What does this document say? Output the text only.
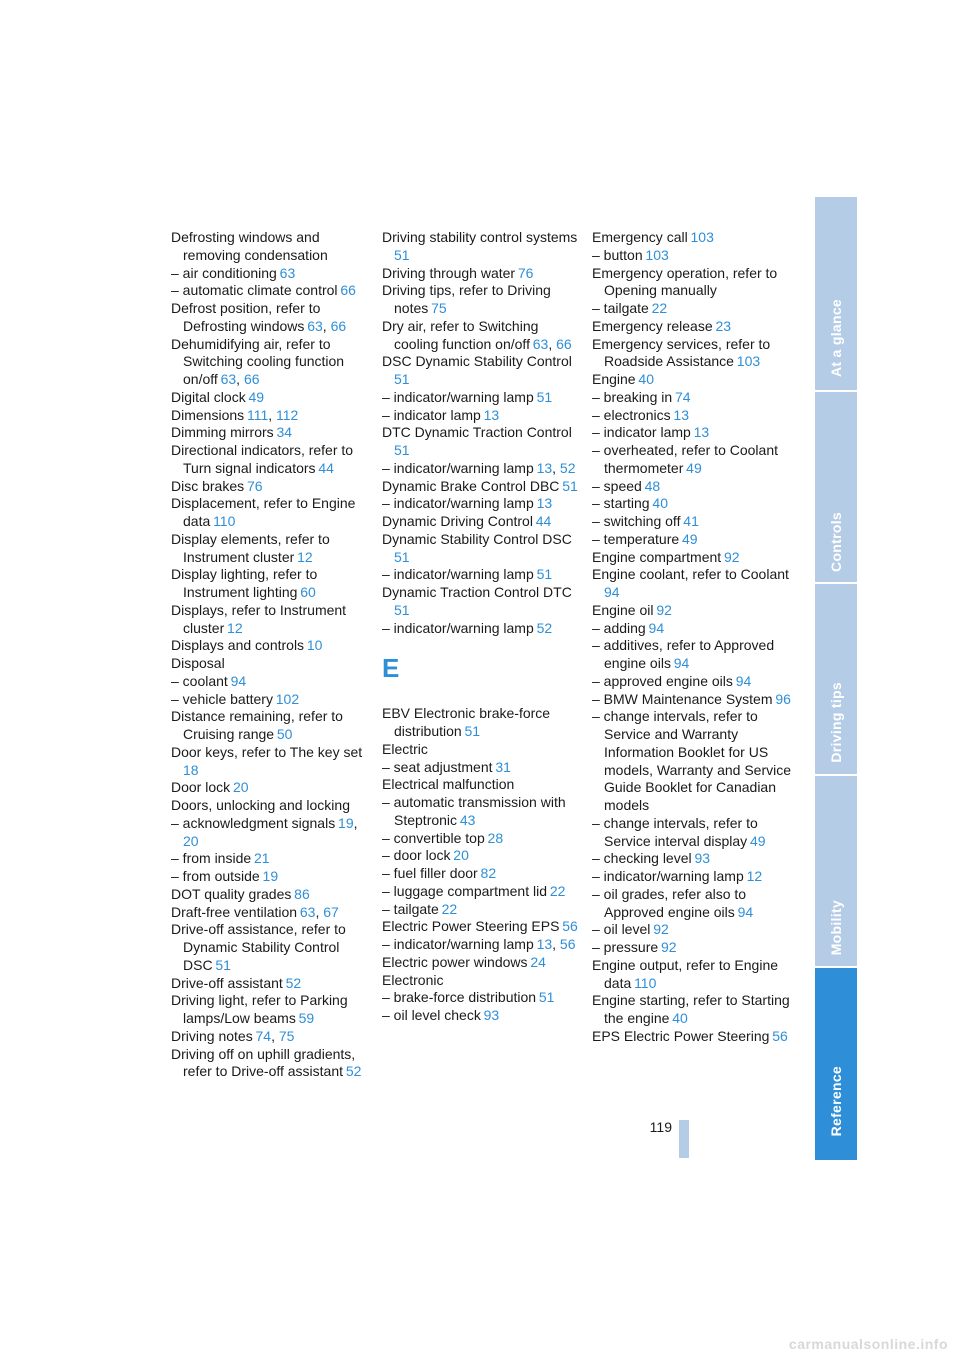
Defrosting windows and removing condensation
– air conditioning  63
– automatic climate control  66
Defrost position, refer to Defrosting windows  63, 66
Dehumidifying air, refer to Switching cooling function on/off  63, 66
Digital clock  49
Dimensions  111, 112
Dimming mirrors  34
Directional indicators, refer to Turn signal indicators  44
Disc brakes  76
Displacement, refer to Engine data  110
Display elements, refer to Instrument cluster  12
Display lighting, refer to Instrument lighting  60
Displays, refer to Instrument cluster  12
Displays and controls  10
Disposal
– coolant  94
– vehicle battery  102
Distance remaining, refer to Cruising range  50
Door keys, refer to The key set 18
Door lock  20
Doors, unlocking and locking
– acknowledgment signals  19, 20
– from inside  21
– from outside  19
DOT quality grades  86
Draft-free ventilation  63, 67
Drive-off assistance, refer to Dynamic Stability Control DSC  51
Drive-off assistant  52
Driving light, refer to Parking lamps/Low beams  59
Driving notes  74, 75
Driving off on uphill gradients, refer to Drive-off assistant  52
Driving stability control systems 51
Driving through water  76
Driving tips, refer to Driving notes  75
Dry air, refer to Switching cooling function on/off  63, 66
DSC Dynamic Stability Control 51
– indicator/warning lamp  51
– indicator lamp  13
DTC Dynamic Traction Control 51
– indicator/warning lamp  13, 52
Dynamic Brake Control DBC  51
– indicator/warning lamp  13
Dynamic Driving Control  44
Dynamic Stability Control DSC 51
– indicator/warning lamp  51
Dynamic Traction Control DTC 51
– indicator/warning lamp  52
E
EBV Electronic brake-force distribution  51
Electric
– seat adjustment  31
Electrical malfunction
– automatic transmission with Steptronic  43
– convertible top  28
– door lock  20
– fuel filler door  82
– luggage compartment lid  22
– tailgate  22
Electric Power Steering EPS  56
– indicator/warning lamp  13, 56
Electric power windows  24
Electronic
– brake-force distribution  51
– oil level check  93
Emergency call  103
– button  103
Emergency operation, refer to Opening manually
– tailgate  22
Emergency release  23
Emergency services, refer to Roadside Assistance  103
Engine  40
– breaking in  74
– electronics  13
– indicator lamp  13
– overheated, refer to Coolant thermometer  49
– speed  48
– starting  40
– switching off  41
– temperature  49
Engine compartment  92
Engine coolant, refer to Coolant 94
Engine oil  92
– adding  94
– additives, refer to Approved engine oils  94
– approved engine oils  94
– BMW Maintenance System  96
– change intervals, refer to Service and Warranty Information Booklet for US models, Warranty and Service Guide Booklet for Canadian models
– change intervals, refer to Service interval display  49
– checking level  93
– indicator/warning lamp  12
– oil grades, refer also to Approved engine oils  94
– oil level  92
– pressure  92
Engine output, refer to Engine data  110
Engine starting, refer to Starting the engine  40
EPS Electric Power Steering  56
At a glance
Controls
Driving tips
Mobility
Reference
119
carmanualsonline.info
